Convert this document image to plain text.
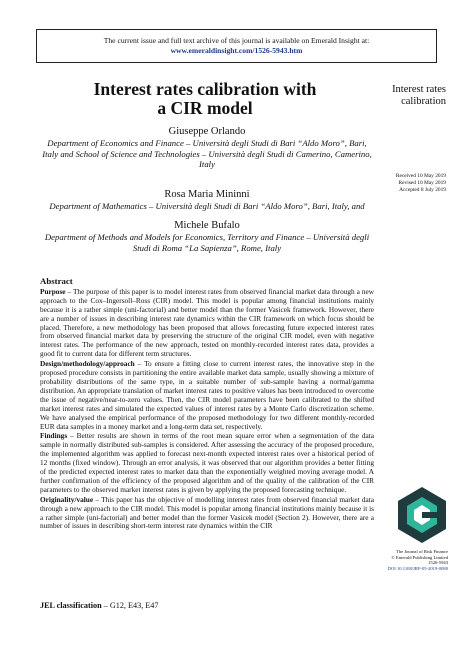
The current issue and full text archive of this journal is available on Emerald Insight at:
www.emeraldinsight.com/1526-5943.htm
Interest rates calibration with
a CIR model
Interest rates
calibration
Received 10 May 2019
Revised 10 May 2019
Accepted 8 July 2019
Giuseppe Orlando
Department of Economics and Finance – Università degli Studi di Bari “Aldo Moro”, Bari, Italy and School of Science and Technologies – Università degli Studi di Camerino, Camerino, Italy
Rosa Maria Mininni
Department of Mathematics – Università degli Studi di Bari “Aldo Moro”, Bari, Italy, and
Michele Bufalo
Department of Methods and Models for Economics, Territory and Finance – Università degli Studi di Roma “La Sapienza”, Rome, Italy
Abstract

Purpose – The purpose of this paper is to model interest rates from observed financial market data through a new approach to the Cox–Ingersoll–Ross (CIR) model. This model is popular among financial institutions mainly because it is a rather simple (uni-factorial) and better model than the former Vasicek framework. However, there are a number of issues in describing interest rate dynamics within the CIR framework on which focus should be placed. Therefore, a new methodology has been proposed that allows forecasting future expected interest rates from observed financial market data by preserving the structure of the original CIR model, even with negative interest rates. The performance of the new approach, tested on monthly-recorded interest rates data, provides a good fit to current data for different term structures.

Design/methodology/approach – To ensure a fitting close to current interest rates, the innovative step in the proposed procedure consists in partitioning the entire available market data sample, usually showing a mixture of probability distributions of the same type, in a suitable number of sub-sample having a normal/gamma distribution. An appropriate translation of market interest rates to positive values has been introduced to overcome the issue of negative/near-to-zero values. Then, the CIR model parameters have been calibrated to the shifted market interest rates and simulated the expected values of interest rates by a Monte Carlo discretization scheme. We have analysed the empirical performance of the proposed methodology for two different monthly-recorded EUR data samples in a money market and a long-term data set, respectively.

Findings – Better results are shown in terms of the root mean square error when a segmentation of the data sample in normally distributed sub-samples is considered. After assessing the accuracy of the proposed procedure, the implemented algorithm was applied to forecast next-month expected interest rates over a historical period of 12 months (fixed window). Through an error analysis, it was observed that our algorithm provides a better fitting of the predicted expected interest rates to market data than the exponentially weighted moving average model. A further confirmation of the efficiency of the proposed algorithm and of the quality of the calibration of the CIR parameters to the observed market interest rates is given by applying the proposed forecasting technique.

Originality/value – This paper has the objective of modelling interest rates from observed financial market data through a new approach to the CIR model. This model is popular among financial institutions mainly because it is a rather simple (uni-factorial) and better model than the former Vasicek model (Section 2). However, there are a number of issues in describing short-term interest rate dynamics within the CIR

JEL classification – G12, E43, E47
The Journal of Risk Finance
© Emerald Publishing Limited
1526-5943
DOI 10.1108/JRF-05-2019-0080
